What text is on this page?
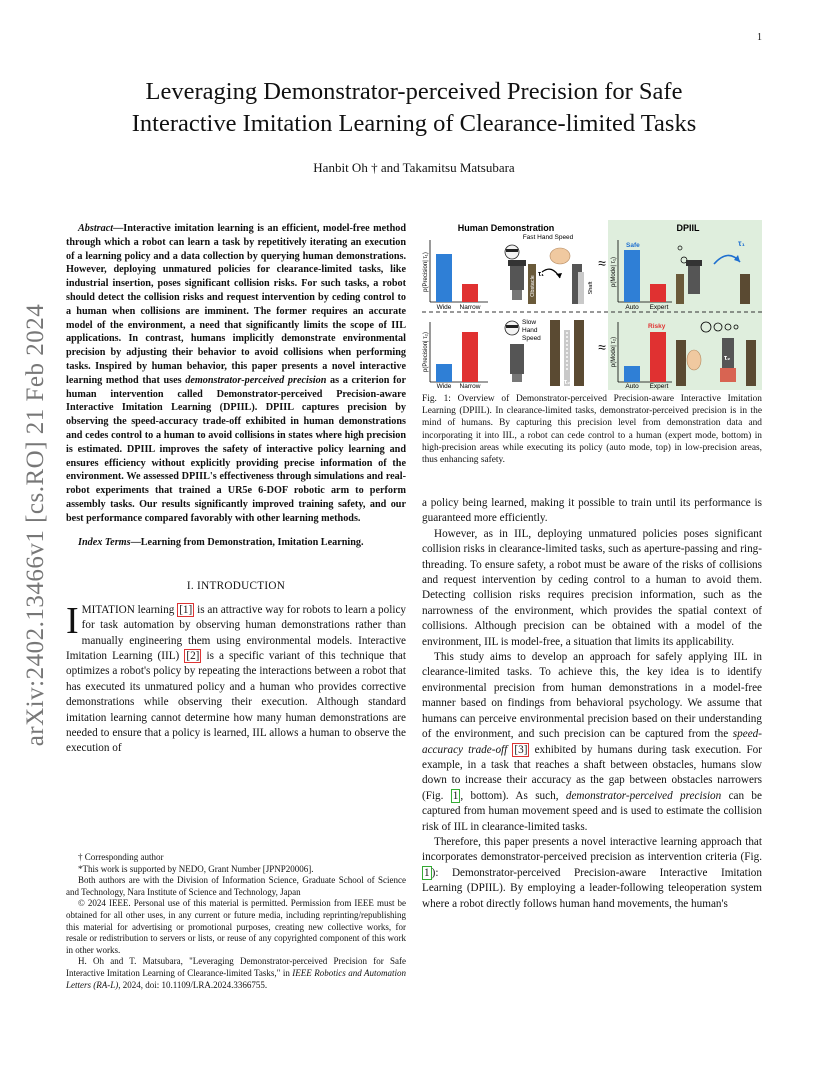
1
arXiv:2402.13466v1 [cs.RO] 21 Feb 2024
Leveraging Demonstrator-perceived Precision for Safe
Interactive Imitation Learning of Clearance-limited Tasks
Hanbit Oh † and Takamitsu Matsubara

Abstract—Interactive imitation learning is an efficient, model-free method through which a robot can learn a task by repetitively iterating an execution of a learning policy and a data collection by querying human demonstrations. However, deploying unmatured policies for clearance-limited tasks, like industrial insertion, poses significant collision risks. For such tasks, a robot should detect the collision risks and request intervention by ceding control to a human when collisions are imminent. The former requires an accurate model of the environment, a need that significantly limits the scope of IIL applications. In contrast, humans implicitly demonstrate environmental precision by adjusting their behavior to avoid collisions when performing tasks. Inspired by human behavior, this paper presents a novel interactive learning method that uses demonstrator-perceived precision as a criterion for human intervention called Demonstrator-perceived Precision-aware Interactive Imitation Learning (DPIIL). DPIIL captures precision by observing the speed-accuracy trade-off exhibited in human demonstrations and cedes control to a human to avoid collisions in states where high precision is estimated. DPIIL improves the safety of interactive policy learning and ensures efficiency without explicitly providing precise information of the environment. We assessed DPIIL's effectiveness through simulations and real-robot experiments that trained a UR5e 6-DOF robotic arm to perform assembly tasks. Our results significantly improved training safety, and our best performance compared favorably with other learning methods.

Index Terms—Learning from Demonstration, Imitation Learning.

I. INTRODUCTION

IMITATION learning [1] is an attractive way for robots to learn a policy for task automation by observing human demonstrations rather than manually engineering them using environmental models. Interactive Imitation Learning (IIL) [2] is a specific variant of this technique that optimizes a robot's policy by repeating the interactions between a robot that has executed its unmatured policy and a human who provides corrective demonstrations while observing their execution. Although standard imitation learning cannot determine how many human demonstrations are needed to ensure that a policy is learned, IIL allows a human to observe the execution of

† Corresponding author

*This work is supported by NEDO, Grant Number [JPNP20006].

Both authors are with the Division of Information Science, Graduate School of Science and Technology, Nara Institute of Science and Technology, Japan

© 2024 IEEE. Personal use of this material is permitted. Permission from IEEE must be obtained for all other uses, in any current or future media, including reprinting/republishing this material for advertising or promotional purposes, creating new collective works, for resale or redistribution to servers or lists, or reuse of any copyrighted component of this work in other works.

H. Oh and T. Matsubara, "Leveraging Demonstrator-perceived Precision for Safe Interactive Imitation Learning of Clearance-limited Tasks," in IEEE Robotics and Automation Letters (RA-L), 2024, doi: 10.1109/LRA.2024.3366755.

Human Demonstration	DPIIL
p(Precision| τ₁)
Wide Narrow
p(Precision| τ₂)
Wide Narrow
Fast Hand Speed
Obstacle
τ₁
Shaft
≈
Slow
Hand
Speed
τ₂
≈
Safe
p(Mode| τ₁)
Auto Expert
Risky
p(Mode| τ₂)
Auto Expert
τ₁
τ₂
Fig. 1: Overview of Demonstrator-perceived Precision-aware Interactive Imitation Learning (DPIIL). In clearance-limited tasks, demonstrator-perceived precision is in the mind of humans. By capturing this precision level from demonstration data and incorporating it into IIL, a robot can cede control to a human (expert mode, bottom) in high-precision areas while executing its policy (auto mode, top) in low-precision areas, thus enhancing safety.

a policy being learned, making it possible to train until its performance is guaranteed more efficiently.

However, as in IIL, deploying unmatured policies poses significant collision risks in clearance-limited tasks, such as aperture-passing and ring-threading. To ensure safety, a robot must be aware of the risks of collisions and request intervention by ceding control to a human to avoid them. Detecting collision risks requires precision information, such as the narrowness of the environment, which provides the spatial context of collisions. Although precision can be obtained with a model of the environment, IIL is model-free, a situation that limits its applicability.

This study aims to develop an approach for safely applying IIL in clearance-limited tasks. To achieve this, the key idea is to identify environmental precision from human demonstrations in a model-free manner based on findings from behavioral psychology. We assume that humans can perceive environmental precision based on their understanding of the environment, and such precision can be captured from the speed-accuracy trade-off [3] exhibited by humans during task execution. For example, in a task that reaches a shaft between obstacles, humans slow down to increase their accuracy as the gap between obstacles narrowers (Fig. 1 , bottom). As such, demonstrator-perceived precision can be captured from human movement speed and is used to estimate the collision risk of IIL in clearance-limited tasks.

Therefore, this paper presents a novel interactive learning approach that incorporates demonstrator-perceived precision as intervention criteria (Fig. 1 ): Demonstrator-perceived Precision-aware Interactive Imitation Learning (DPIIL). By employing a leader-following teleoperation system where a robot directly follows human hand movements, the human's
